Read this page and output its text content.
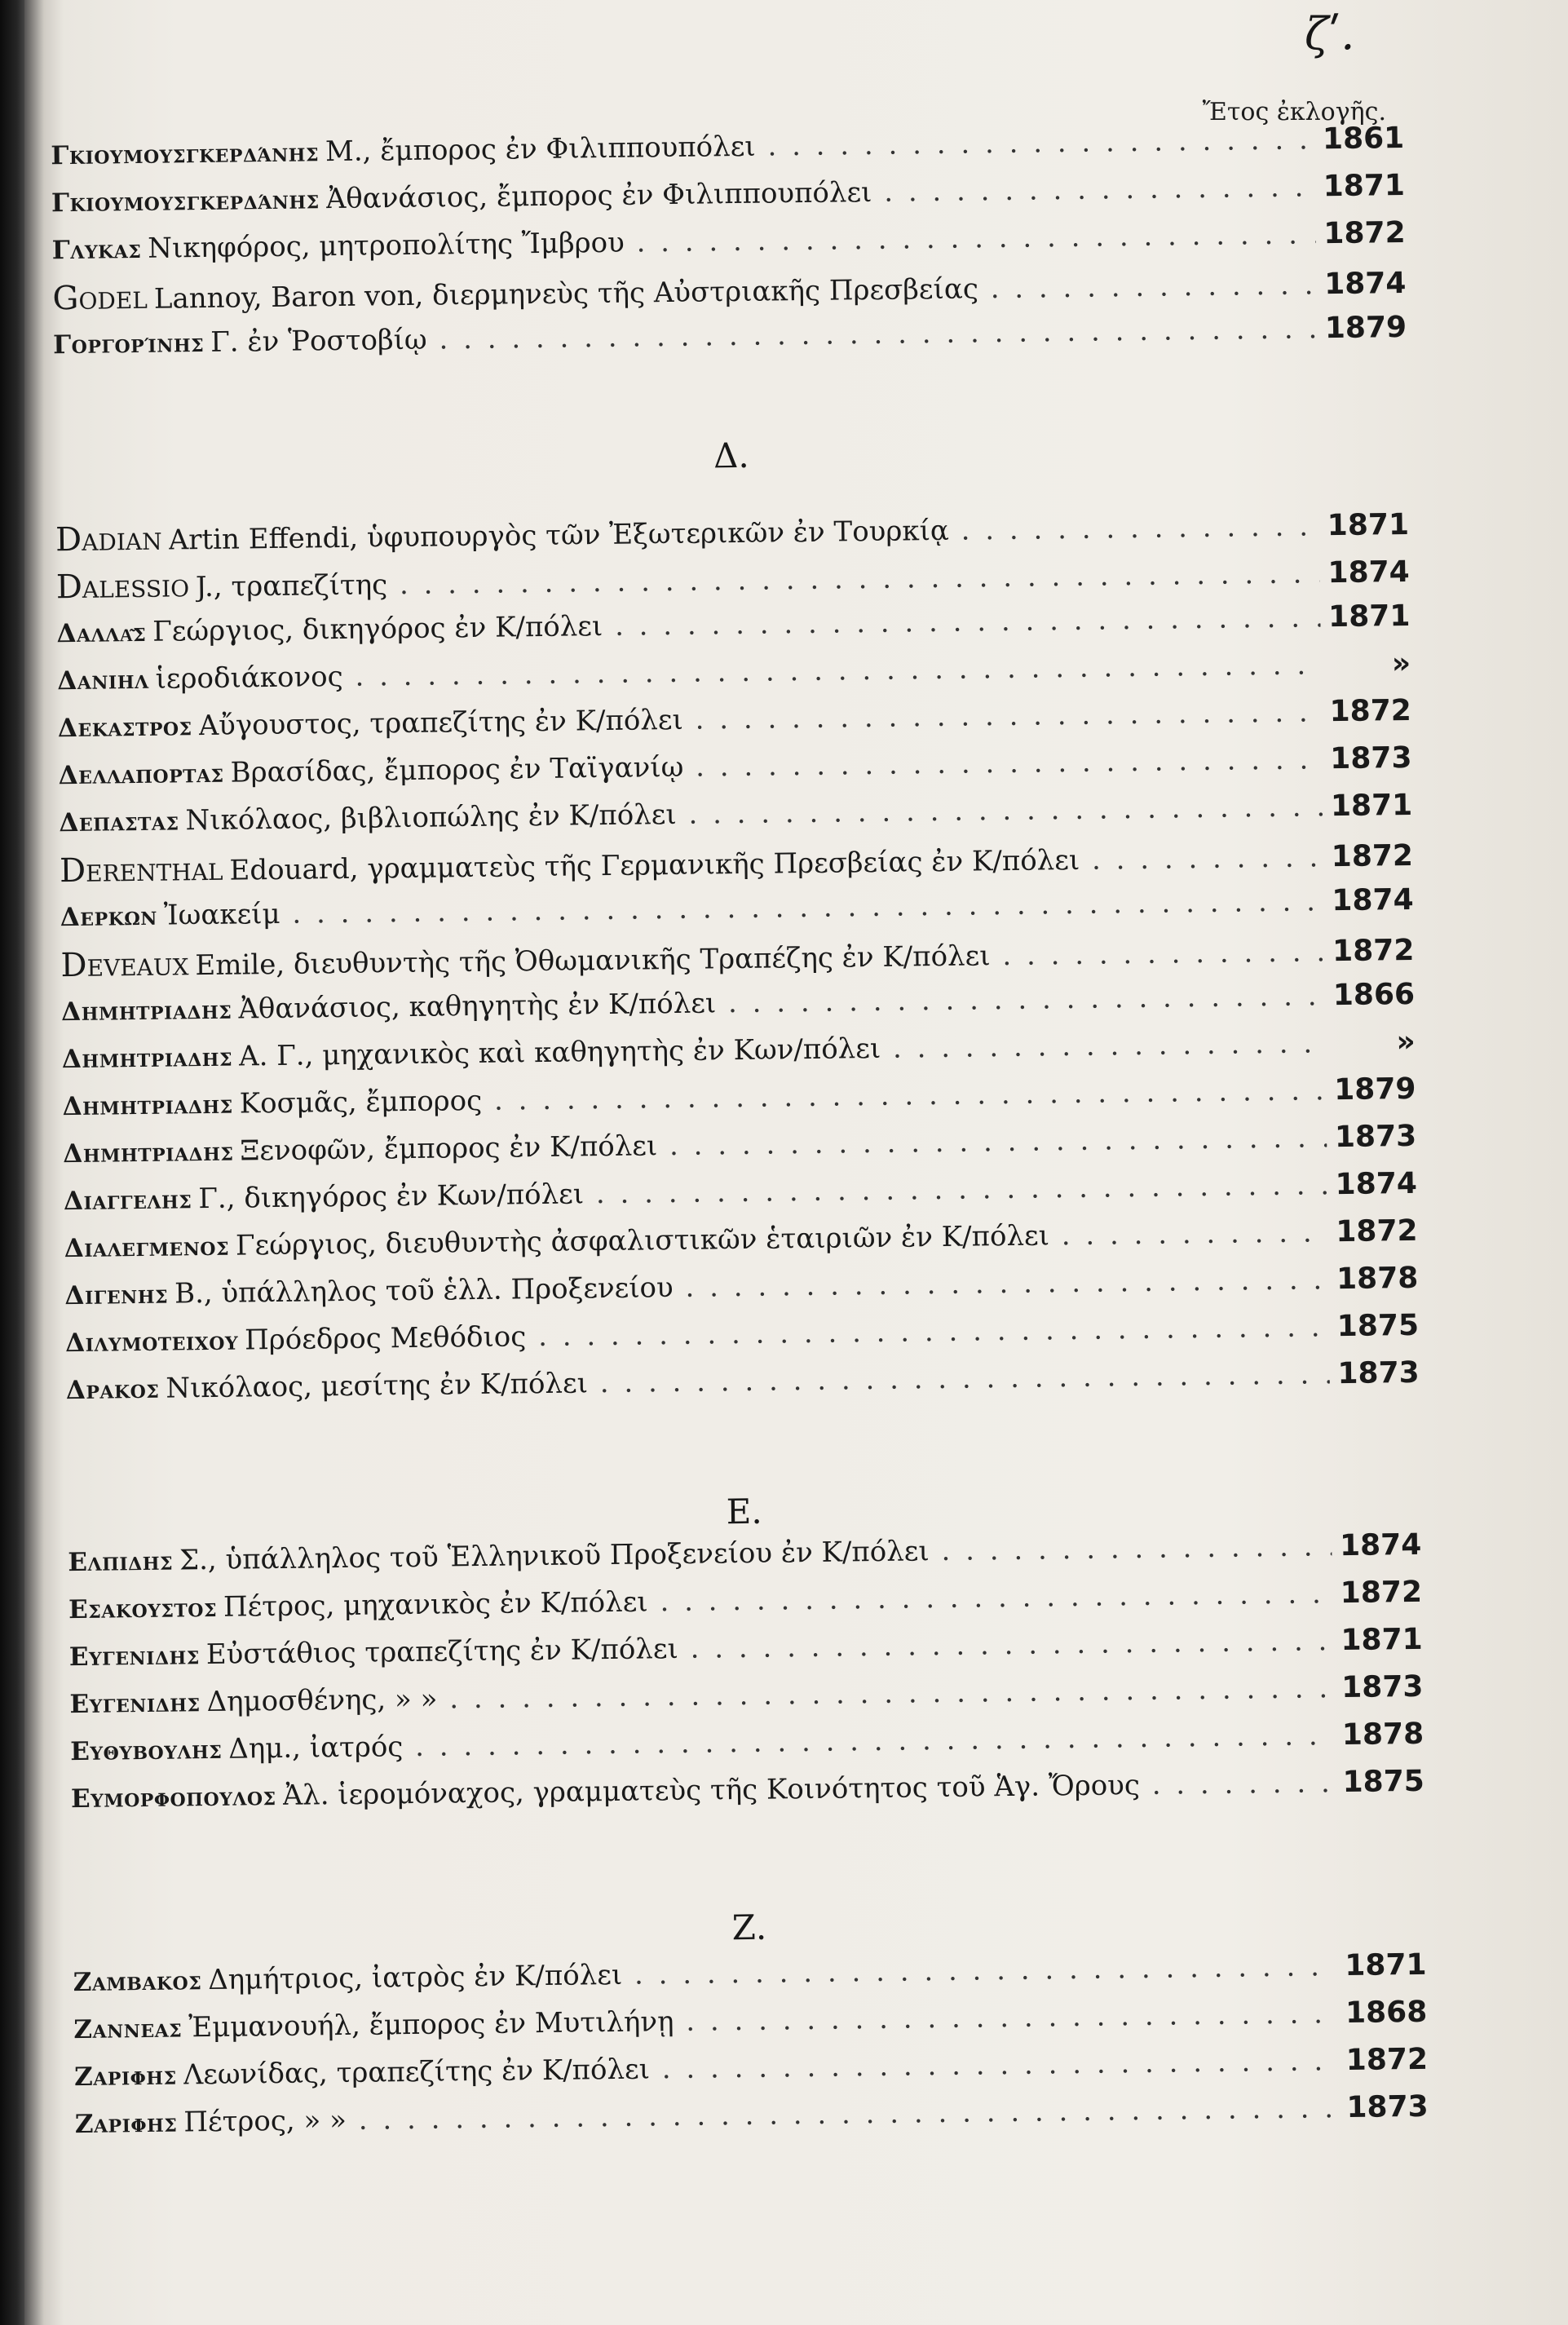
ζʹ.
Ἔτος ἐκλογῆς.
Γκιουμουσγκερδάνης Μ., ἔμπορος ἐν Φιλιππουπόλει . . .	1861
Γκιουμουσγκερδάνης Ἀθανάσιος, ἔμπορος ἐν Φιλιππουπόλει . . .	1871
Γλυκας Νικηφόρος, μητροπολίτης Ἴμβρου . . .	1872
Godel Lannoy, Baron von, διερμηνεὺς τῆς Αὐστριακῆς Πρεσβείας . . .	1874
Γοργορίνης Γ. ἐν Ῥοστοβίῳ . . .	1879
Δ.
Dadian Artin Effendi, ὑφυπουργὸς τῶν Ἐξωτερικῶν ἐν Τουρκίᾳ . . .	1871
Dalessio J., τραπεζίτης . . .	1874
Δαλλᾶς Γεώργιος, δικηγόρος ἐν Κ/πόλει . . .	1871
Δανιηλ ἱεροδιάκονος . . .	»
Δεκαστρος Αὔγουστος, τραπεζίτης ἐν Κ/πόλει . . .	1872
Δελλαπορτας Βρασίδας, ἔμπορος ἐν Ταϊγανίῳ . . .	1873
Δεπαστας Νικόλαος, βιβλιοπώλης ἐν Κ/πόλει . . .	1871
Derenthal Edouard, γραμματεὺς τῆς Γερμανικῆς Πρεσβείας ἐν Κ/πόλει . . .	1872
Δερκων Ἰωακείμ . . .	1874
Deveaux Emile, διευθυντὴς τῆς Ὀθωμανικῆς Τραπέζης ἐν Κ/πόλει . . .	1872
Δημητριαδης Ἀθανάσιος, καθηγητὴς ἐν Κ/πόλει . . .	1866
Δημητριαδης Α. Γ., μηχανικὸς καὶ καθηγητὴς ἐν Κων/πόλει . . .	»
Δημητριαδης Κοσμᾶς, ἔμπορος . . .	1879
Δημητριαδης Ξενοφῶν, ἔμπορος ἐν Κ/πόλει . . .	1873
Διαγγελης Γ., δικηγόρος ἐν Κων/πόλει . . .	1874
Διαλεγμενος Γεώργιος, διευθυντὴς ἀσφαλιστικῶν ἑταιριῶν ἐν Κ/πόλει . . .	1872
Διγενης Β., ὑπάλληλος τοῦ ἑλλ. Προξενείου . . .	1878
Διλυμοτειχου Πρόεδρος Μεθόδιος . . .	1875
Δρακος Νικόλαος, μεσίτης ἐν Κ/πόλει . . .	1873
Ε.
Ελπιδης Σ., ὑπάλληλος τοῦ Ἑλληνικοῦ Προξενείου ἐν Κ/πόλει . . .	1874
Εσακουστος Πέτρος, μηχανικὸς ἐν Κ/πόλει . . .	1872
Ευγενιδης Εὐστάθιος τραπεζίτης ἐν Κ/πόλει . . .	1871
Ευγενιδης Δημοσθένης, » » . . .	1873
Ευθυβουλης Δημ., ἰατρός . . .	1878
Ευμορφοπουλος Ἀλ. ἱερομόναχος, γραμματεὺς τῆς Κοινότητος τοῦ Ἁγ. Ὄρους . . .	1875
Ζ.
Ζαμβακος Δημήτριος, ἰατρὸς ἐν Κ/πόλει . . .	1871
Ζαννεας Ἐμμανουήλ, ἔμπορος ἐν Μυτιλήνῃ . . .	1868
Ζαριφης Λεωνίδας, τραπεζίτης ἐν Κ/πόλει . . .	1872
Ζαριφης Πέτρος, » » . . .	1873
